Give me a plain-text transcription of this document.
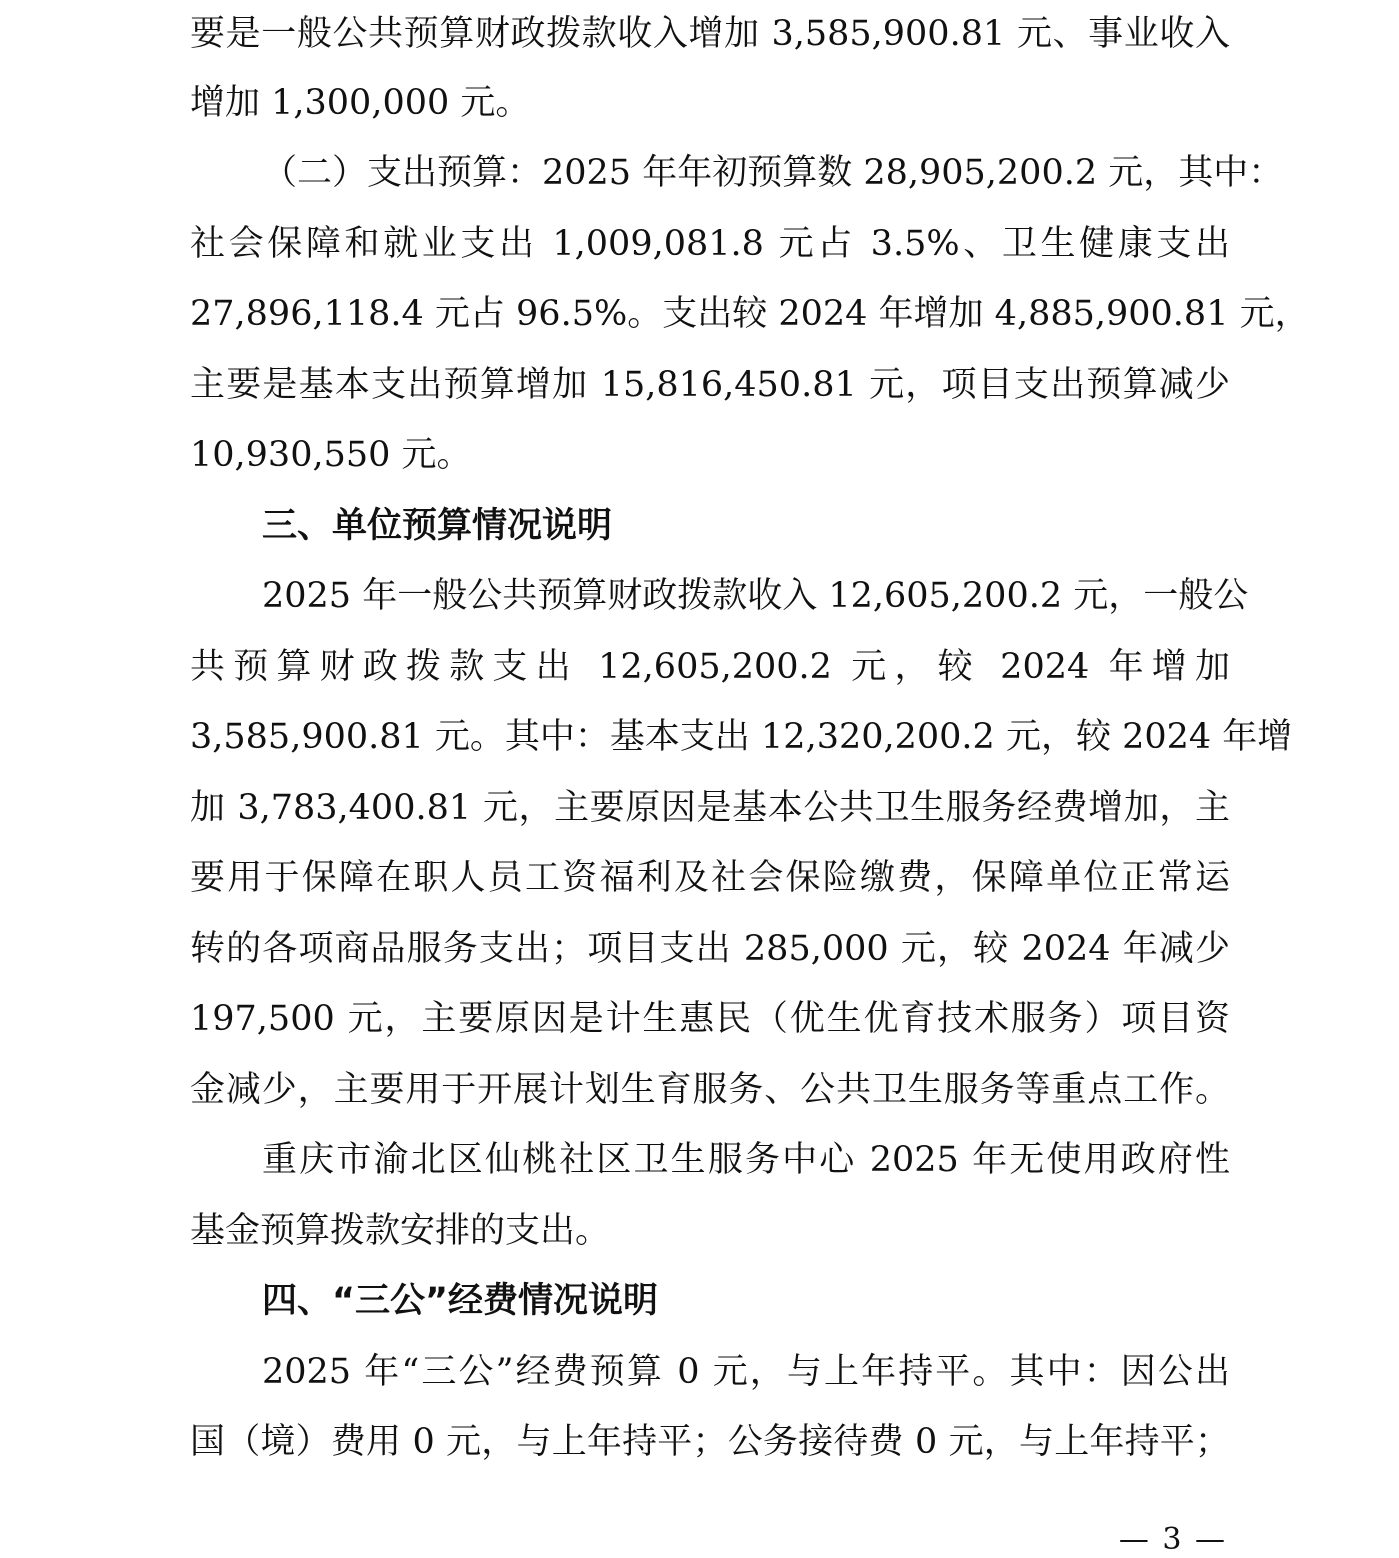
要是一般公共预算财政拨款收入增加 3,585,900.81 元、事业收入
增加 1,300,000 元。
（二）支出预算：2025 年年初预算数 28,905,200.2 元，其中：
社会保障和就业支出 1,009,081.8 元占 3.5%、卫生健康支出
27,896,118.4 元占 96.5%。支出较 2024 年增加 4,885,900.81 元，
主要是基本支出预算增加 15,816,450.81 元，项目支出预算减少
10,930,550 元。
三、单位预算情况说明
2025 年一般公共预算财政拨款收入 12,605,200.2 元，一般公
共预算财政拨款支出 12,605,200.2 元，较 2024 年增加
3,585,900.81 元。其中：基本支出 12,320,200.2 元，较 2024 年增
加 3,783,400.81 元，主要原因是基本公共卫生服务经费增加，主
要用于保障在职人员工资福利及社会保险缴费，保障单位正常运
转的各项商品服务支出；项目支出 285,000 元，较 2024 年减少
197,500 元，主要原因是计生惠民（优生优育技术服务）项目资
金减少，主要用于开展计划生育服务、公共卫生服务等重点工作。
重庆市渝北区仙桃社区卫生服务中心 2025 年无使用政府性
基金预算拨款安排的支出。
四、“三公”经费情况说明
2025 年“三公”经费预算 0 元，与上年持平。其中：因公出
国（境）费用 0 元，与上年持平；公务接待费 0 元，与上年持平；
— 3 —
